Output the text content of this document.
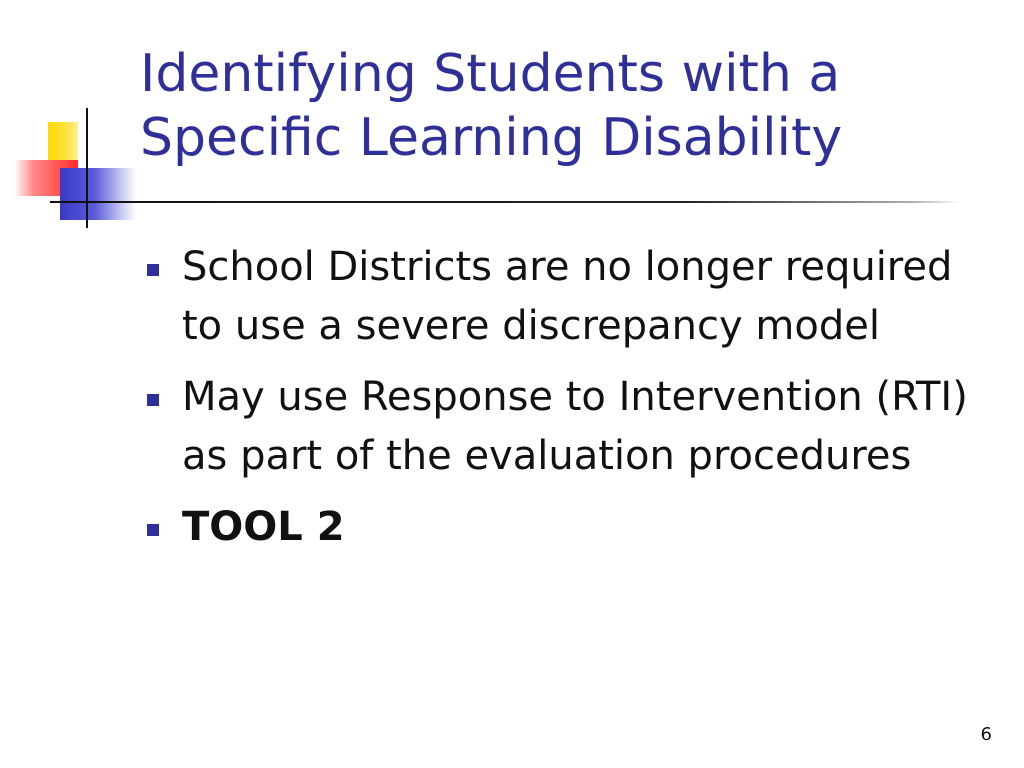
Identifying Students with a Specific Learning Disability
School Districts are no longer required to use a severe discrepancy model
May use Response to Intervention (RTI) as part of the evaluation procedures
TOOL 2
6
